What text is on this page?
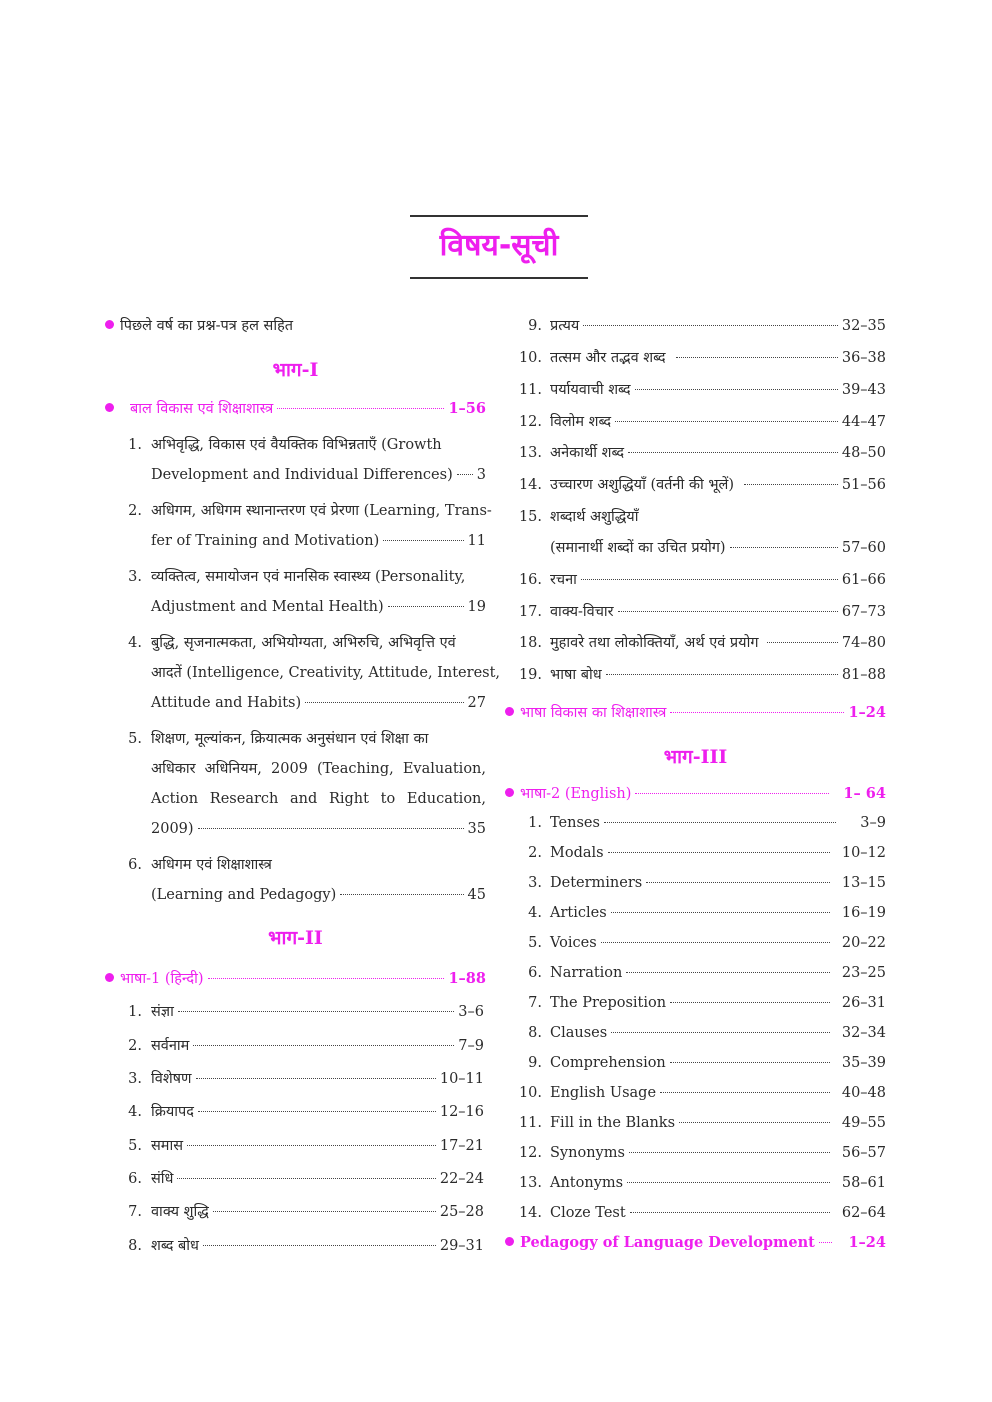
विषय-सूची
पिछले वर्ष का प्रश्न-पत्र हल सहित
भाग-I
बाल विकास एवं शिक्षाशास्त्र	1–56
1. अभिवृद्धि, विकास एवं वैयक्तिक विभिन्नताएँ (Growth
Development and Individual Differences) 3
2. अधिगम, अधिगम स्थानान्तरण एवं प्रेरणा (Learning, Trans-
fer of Training and Motivation)	11
3. व्यक्तित्व, समायोजन एवं मानसिक स्वास्थ्य (Personality,
Adjustment and Mental Health)	19
4. बुद्धि, सृजनात्मकता, अभियोग्यता, अभिरुचि, अभिवृत्ति एवं
आदतें (Intelligence, Creativity, Attitude, Interest,
Attitude and Habits)	27
5. शिक्षण, मूल्यांकन, क्रियात्मक अनुसंधान एवं शिक्षा का
अधिकार अधिनियम, 2009 (Teaching, Evaluation,
Action Research and Right to Education,
2009)	35
6. अधिगम एवं शिक्षाशास्त्र
(Learning and Pedagogy)	45
भाग-II
भाषा-1 (हिन्दी)	1–88
1. संज्ञा	3–6
2. सर्वनाम	7–9
3. विशेषण	10–11
4. क्रियापद	12–16
5. समास	17–21
6. संधि	22–24
7. वाक्य शुद्धि	25–28
8. शब्द बोध	29–31
9. प्रत्यय	32–35
10. तत्सम और तद्भव शब्द	36–38
11. पर्यायवाची शब्द	39–43
12. विलोम शब्द	44–47
13. अनेकार्थी शब्द	48–50
14. उच्चारण अशुद्धियाँ (वर्तनी की भूलें)	51–56
15. शब्दार्थ अशुद्धियाँ
(समानार्थी शब्दों का उचित प्रयोग)	57–60
16. रचना	61–66
17. वाक्य-विचार	67–73
18. मुहावरे तथा लोकोक्तियाँ, अर्थ एवं प्रयोग	74–80
19. भाषा बोध	81–88
भाषा विकास का शिक्षाशास्त्र	1–24
भाग-III
भाषा-2 (English)	1– 64
1. Tenses	3–9
2. Modals	10–12
3. Determiners	13–15
4. Articles	16–19
5. Voices	20–22
6. Narration	23–25
7. The Preposition	26–31
8. Clauses	32–34
9. Comprehension	35–39
10. English Usage	40–48
11. Fill in the Blanks	49–55
12. Synonyms	56–57
13. Antonyms	58–61
14. Cloze Test	62–64
Pedagogy of Language Development 1–24
